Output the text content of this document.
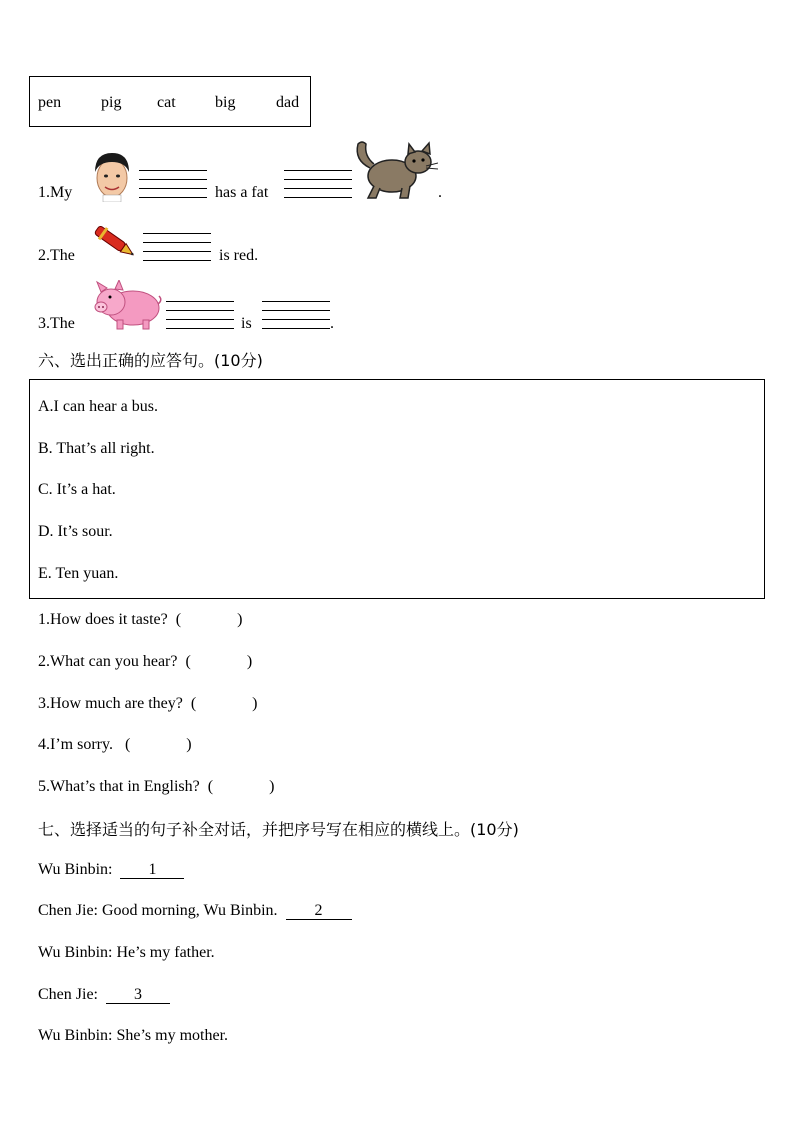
pen pig cat big	dad
1.My	has a fat	.
2.The	is red.
3.The	is	.
六、选出正确的应答句。(10分)
A.I can hear a bus.
B. That’s all right.
C. It’s a hat.
D. It’s sour.
E. Ten yuan.
1.How does it taste?  (              )
2.What can you hear?  (              )
3.How much are they?  (              )
4.I’m sorry.   (              )
5.What’s that in English?  (              )
七、选择适当的句子补全对话，并把序号写在相应的横线上。(10分)
Wu Binbin: 1
Chen Jie: Good morning, Wu Binbin. 2
Wu Binbin: He’s my father.
Chen Jie: 3
Wu Binbin: She’s my mother.
